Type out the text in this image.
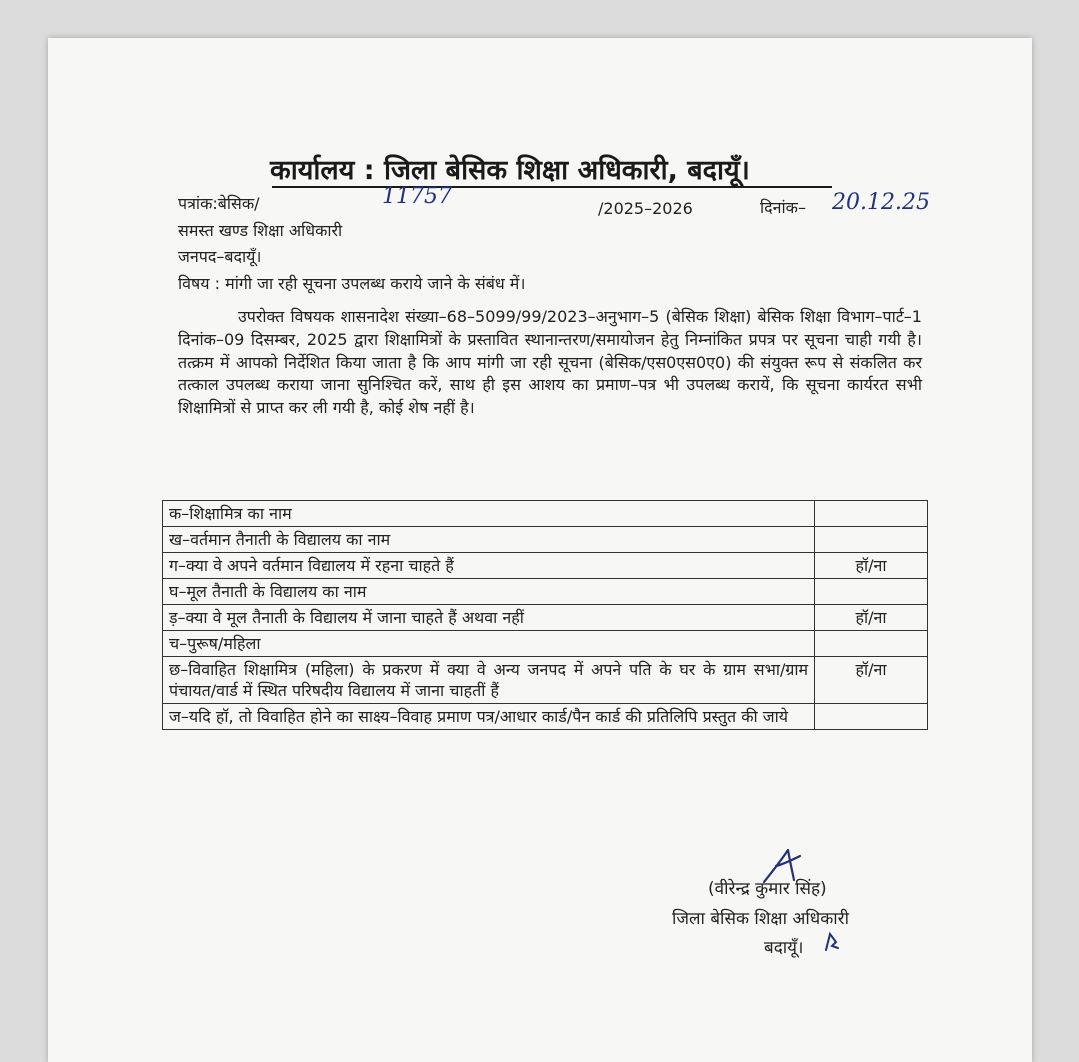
कार्यालय : जिला बेसिक शिक्षा अधिकारी, बदायूँ।
पत्रांक:बेसिक/	11757	/2025–2026	दिनांक– 20.12.25
समस्त खण्ड शिक्षा अधिकारी
जनपद–बदायूँ।
विषय : मांगी जा रही सूचना उपलब्ध कराये जाने के संबंध में।

उपरोक्त विषयक शासनादेश संख्या–68–5099/99/2023–अनुभाग–5 (बेसिक शिक्षा) बेसिक शिक्षा विभाग–पार्ट–1 दिनांक–09 दिसम्बर, 2025 द्वारा शिक्षामित्रों के प्रस्तावित स्थानान्तरण/समायोजन हेतु निम्नांकित प्रपत्र पर सूचना चाही गयी है। तत्क्रम में आपको निर्देशित किया जाता है कि आप मांगी जा रही सूचना (बेसिक/एस0एस0ए0) की संयुक्त रूप से संकलित कर तत्काल उपलब्ध कराया जाना सुनिश्चित करें, साथ ही इस आशय का प्रमाण–पत्र भी उपलब्ध करायें, कि सूचना कार्यरत सभी शिक्षामित्रों से प्राप्त कर ली गयी है, कोई शेष नहीं है।

क–शिक्षामित्र का नाम	
ख–वर्तमान तैनाती के विद्यालय का नाम	
ग–क्या वे अपने वर्तमान विद्यालय में रहना चाहते हैं	हॉ/ना
घ–मूल तैनाती के विद्यालय का नाम	
ड़–क्या वे मूल तैनाती के विद्यालय में जाना चाहते हैं अथवा नहीं	हॉ/ना
च–पुरूष/महिला	
छ–विवाहित शिक्षामित्र (महिला) के प्रकरण में क्या वे अन्य जनपद में अपने पति के घर के ग्राम सभा/ग्राम पंचायत/वार्ड में स्थित परिषदीय विद्यालय में जाना चाहतीं हैं	हॉ/ना
ज–यदि हॉ, तो विवाहित होने का साक्ष्य–विवाह प्रमाण पत्र/आधार कार्ड/पैन कार्ड की प्रतिलिपि प्रस्तुत की जाये	
(वीरेन्द्र कुमार सिंह)
जिला बेसिक शिक्षा अधिकारी
बदायूँ।
